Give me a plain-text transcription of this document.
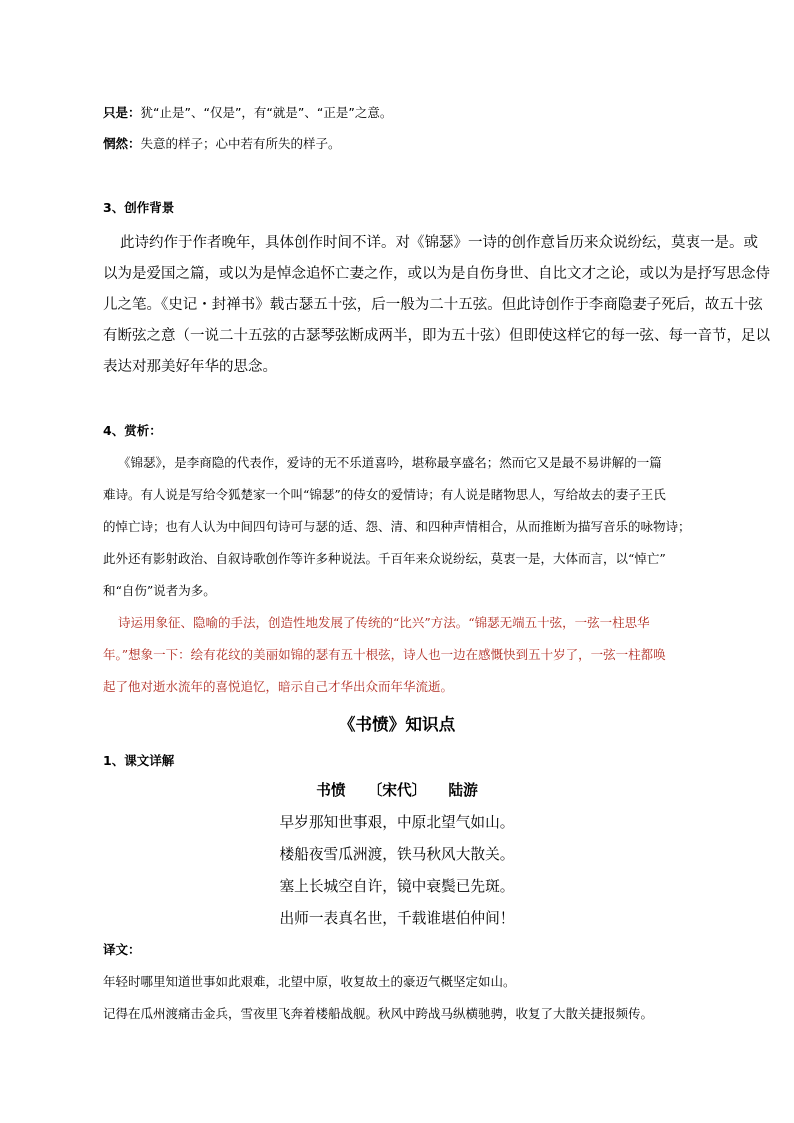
只是：犹“止是”、“仅是”，有“就是”、“正是”之意。
惘然：失意的样子；心中若有所失的样子。
3、创作背景
此诗约作于作者晚年，具体创作时间不详。对《锦瑟》一诗的创作意旨历来众说纷纭，莫衷一是。或
以为是爱国之篇，或以为是悼念追怀亡妻之作，或以为是自伤身世、自比文才之论，或以为是抒写思念侍
儿之笔。《史记・封禅书》载古瑟五十弦，后一般为二十五弦。但此诗创作于李商隐妻子死后，故五十弦
有断弦之意（一说二十五弦的古瑟琴弦断成两半，即为五十弦）但即使这样它的每一弦、每一音节，足以
表达对那美好年华的思念。
4、赏析：
《锦瑟》，是李商隐的代表作，爱诗的无不乐道喜吟，堪称最享盛名；然而它又是最不易讲解的一篇
难诗。有人说是写给令狐楚家一个叫“锦瑟”的侍女的爱情诗；有人说是睹物思人，写给故去的妻子王氏
的悼亡诗；也有人认为中间四句诗可与瑟的适、怨、清、和四种声情相合，从而推断为描写音乐的咏物诗；
此外还有影射政治、自叙诗歌创作等许多种说法。千百年来众说纷纭，莫衷一是，大体而言，以“悼亡”
和“自伤”说者为多。
诗运用象征、隐喻的手法，创造性地发展了传统的“比兴”方法。“锦瑟无端五十弦，一弦一柱思华
年。”想象一下：绘有花纹的美丽如锦的瑟有五十根弦，诗人也一边在感慨快到五十岁了，一弦一柱都唤
起了他对逝水流年的喜悦追忆，暗示自己才华出众而年华流逝。
《书愤》知识点
1、课文详解
书愤 〔宋代〕 陆游
早岁那知世事艰，中原北望气如山。
楼船夜雪瓜洲渡，铁马秋风大散关。
塞上长城空自许，镜中衰鬓已先斑。
出师一表真名世，千载谁堪伯仲间！
译文：
年轻时哪里知道世事如此艰难，北望中原，收复故土的豪迈气概坚定如山。
记得在瓜州渡痛击金兵，雪夜里飞奔着楼船战舰。秋风中跨战马纵横驰骋，收复了大散关捷报频传。
